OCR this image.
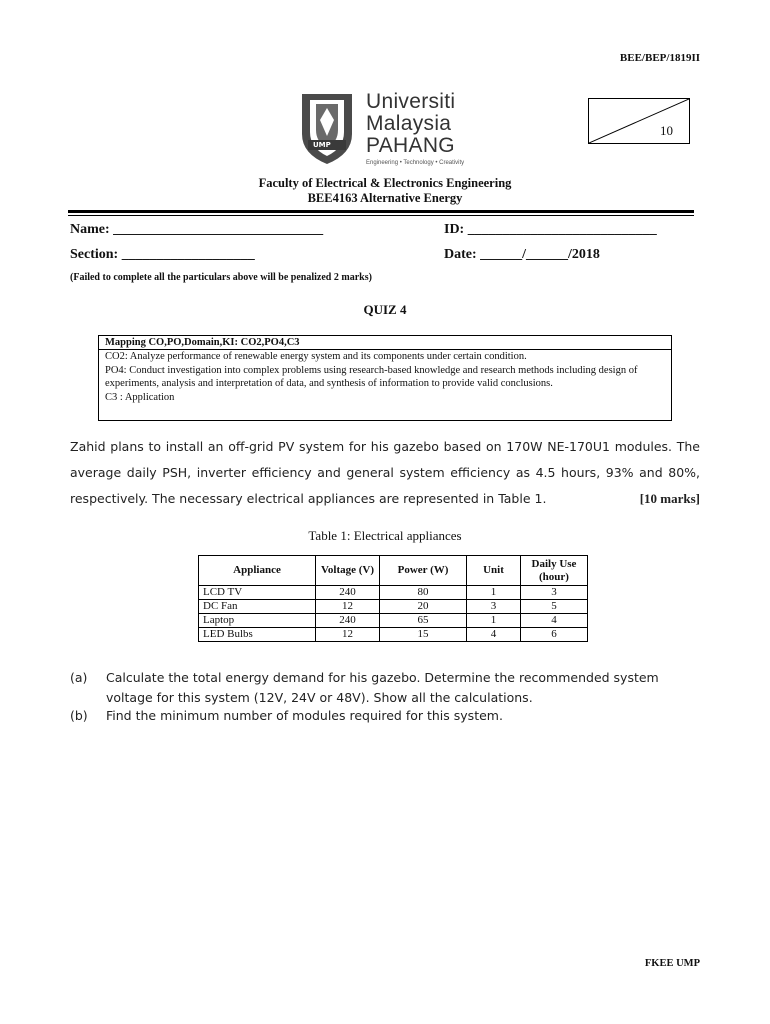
BEE/BEP/1819II
UMP
Universiti
Malaysia
PAHANG
Engineering • Technology • Creativity
10
Faculty of Electrical & Electronics Engineering
BEE4163 Alternative Energy
Name: ______________________________	ID: ___________________________
Section: ___________________	Date: ______/______/2018
(Failed to complete all the particulars above will be penalized 2 marks)
QUIZ 4
Mapping CO,PO,Domain,KI: CO2,PO4,C3
CO2: Analyze performance of renewable energy system and its components under certain condition.
PO4: Conduct investigation into complex problems using research-based knowledge and research methods including design of experiments, analysis and interpretation of data, and synthesis of information to provide valid conclusions.
C3 : Application
Zahid plans to install an off-grid PV system for his gazebo based on 170W NE-170U1 modules. The average daily PSH, inverter efficiency and general system efficiency as 4.5 hours, 93% and 80%, respectively. The necessary electrical appliances are represented in Table 1.	[10 marks]
Table 1: Electrical appliances
Appliance	Voltage (V)	Power (W)	Unit	Daily Use (hour)
LCD TV	240	80	1	3
DC Fan	12	20	3	5
Laptop	240	65	1	4
LED Bulbs	12	15	4	6
(a) Calculate the total energy demand for his gazebo. Determine the recommended system voltage for this system (12V, 24V or 48V). Show all the calculations.
(b) Find the minimum number of modules required for this system.
FKEE UMP
